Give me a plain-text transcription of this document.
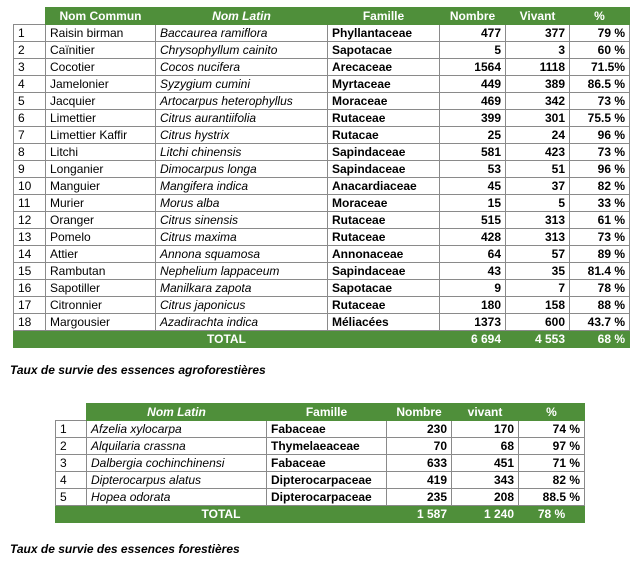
	Nom Commun	Nom Latin	Famille	Nombre	Vivant	%
1	Raisin birman	Baccaurea ramiflora	Phyllantaceae	477	377	79 %
2	Caïnitier	Chrysophyllum cainito	Sapotacae	5	3	60 %
3	Cocotier	Cocos nucifera	Arecaceae	1564	1118	71.5%
4	Jamelonier	Syzygium cumini	Myrtaceae	449	389	86.5 %
5	Jacquier	Artocarpus heterophyllus	Moraceae	469	342	73 %
6	Limettier	Citrus aurantiifolia	Rutaceae	399	301	75.5 %
7	Limettier Kaffir	Citrus hystrix	Rutacae	25	24	96 %
8	Litchi	Litchi chinensis	Sapindaceae	581	423	73 %
9	Longanier	Dimocarpus longa	Sapindaceae	53	51	96 %
10	Manguier	Mangifera indica	Anacardiaceae	45	37	82 %
11	Murier	Morus alba	Moraceae	15	5	33 %
12	Oranger	Citrus sinensis	Rutaceae	515	313	61 %
13	Pomelo	Citrus maxima	Rutaceae	428	313	73 %
14	Attier	Annona squamosa	Annonaceae	64	57	89 %
15	Rambutan	Nephelium lappaceum	Sapindaceae	43	35	81.4 %
16	Sapotiller	Manilkara zapota	Sapotacae	9	7	78 %
17	Citronnier	Citrus japonicus	Rutaceae	180	158	88 %
18	Margousier	Azadirachta indica	Méliacées	1373	600	43.7 %
TOTAL				6 694	4 553	68 %
Taux de survie des essences agroforestières
	Nom Latin	Famille	Nombre	vivant	%
1	Afzelia xylocarpa	Fabaceae	230	170	74 %
2	Alquilaria crassna	Thymelaeaceae	70	68	97 %
3	Dalbergia cochinchinensi	Fabaceae	633	451	71 %
4	Dipterocarpus alatus	Dipterocarpaceae	419	343	82 %
5	Hopea odorata	Dipterocarpaceae	235	208	88.5 %
TOTAL			1 587	1 240	78 %
Taux de survie des essences forestières
